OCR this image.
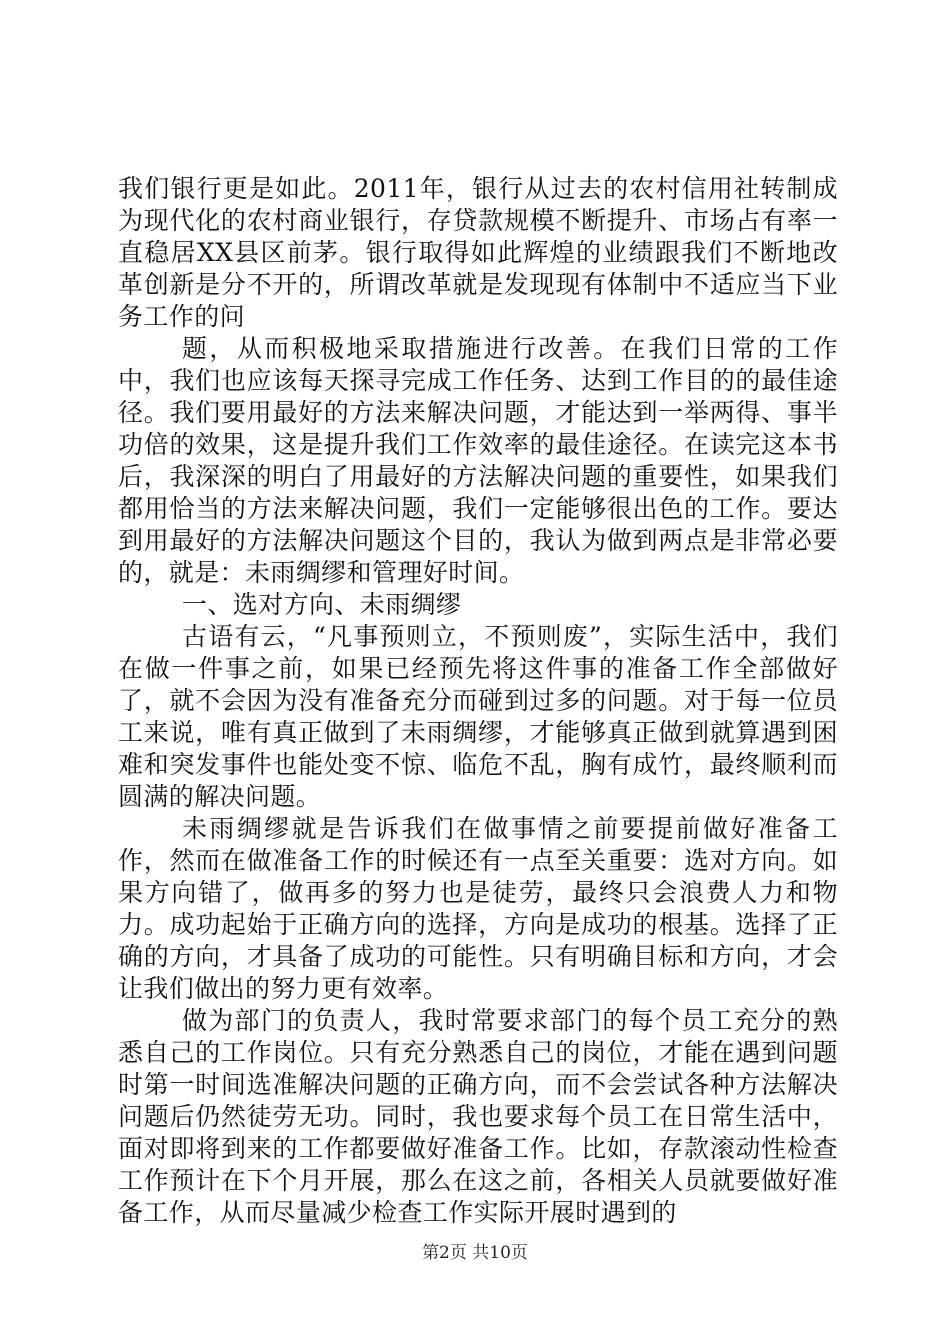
我们银行更是如此。2011年，银行从过去的农村信用社转制成为现代化的农村商业银行，存贷款规模不断提升、市场占有率一直稳居XX县区前茅。银行取得如此辉煌的业绩跟我们不断地改革创新是分不开的，所谓改革就是发现现有体制中不适应当下业务工作的问

题，从而积极地采取措施进行改善。在我们日常的工作中，我们也应该每天探寻完成工作任务、达到工作目的的最佳途径。我们要用最好的方法来解决问题，才能达到一举两得、事半功倍的效果，这是提升我们工作效率的最佳途径。在读完这本书后，我深深的明白了用最好的方法解决问题的重要性，如果我们都用恰当的方法来解决问题，我们一定能够很出色的工作。要达到用最好的方法解决问题这个目的，我认为做到两点是非常必要的，就是：未雨绸缪和管理好时间。

一、选对方向、未雨绸缪

古语有云，“凡事预则立，不预则废”，实际生活中，我们在做一件事之前，如果已经预先将这件事的准备工作全部做好了，就不会因为没有准备充分而碰到过多的问题。对于每一位员工来说，唯有真正做到了未雨绸缪，才能够真正做到就算遇到困难和突发事件也能处变不惊、临危不乱，胸有成竹，最终顺利而圆满的解决问题。

未雨绸缪就是告诉我们在做事情之前要提前做好准备工作，然而在做准备工作的时候还有一点至关重要：选对方向。如果方向错了，做再多的努力也是徒劳，最终只会浪费人力和物力。成功起始于正确方向的选择，方向是成功的根基。选择了正确的方向，才具备了成功的可能性。只有明确目标和方向，才会让我们做出的努力更有效率。

做为部门的负责人，我时常要求部门的每个员工充分的熟悉自己的工作岗位。只有充分熟悉自己的岗位，才能在遇到问题时第一时间选准解决问题的正确方向，而不会尝试各种方法解决问题后仍然徒劳无功。同时，我也要求每个员工在日常生活中，面对即将到来的工作都要做好准备工作。比如，存款滚动性检查工作预计在下个月开展，那么在这之前，各相关人员就要做好准备工作，从而尽量减少检查工作实际开展时遇到的

第2页 共10页
